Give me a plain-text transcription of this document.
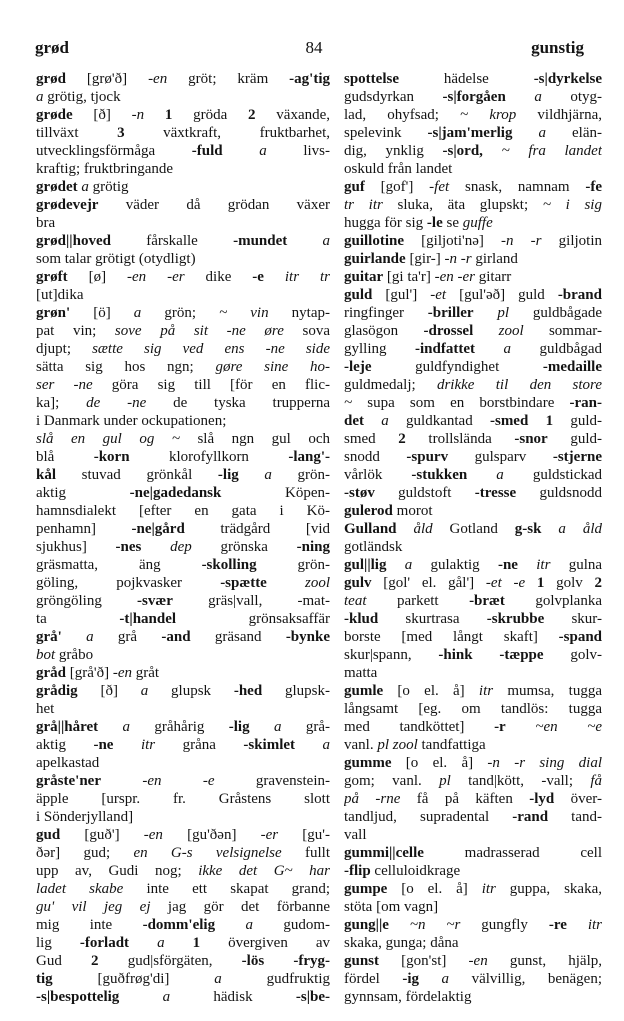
grød	84	gunstig
grød [grø'ð] -en gröt; kräm -ag'tig
a grötig, tjock
grøde [ð] -n 1 gröda 2 växande,
tillväxt 3 växtkraft, fruktbarhet,
utvecklingsförmåga -fuld a livs-
kraftig; fruktbringande
grødet a grötig
grødevejr väder då grödan växer
bra
grød||hoved fårskalle -mundet a
som talar grötigt (otydligt)
grøft [ø] -en -er dike -e itr tr
[ut]dika
grøn' [ö] a grön; ~ vin nytap-
pat vin; sove på sit -ne øre sova
djupt; sætte sig ved ens -ne side
sätta sig hos ngn; gøre sine ho-
ser -ne göra sig till [för en flic-
ka]; de -ne de tyska trupperna
i Danmark under ockupationen;
slå en gul og ~ slå ngn gul och
blå -korn klorofyllkorn -lang'-
kål stuvad grönkål -lig a grön-
aktig -ne|gadedansk Köpen-
hamnsdialekt [efter en gata i Kö-
penhamn] -ne|gård trädgård [vid
sjukhus] -nes dep grönska -ning
gräsmatta, äng -skolling grön-
göling, pojkvasker -spætte	zool
gröngöling -svær gräs|vall, -mat-
ta -t|handel grönsaksaffär
grå' a grå -and gräsand -bynke
bot gråbo
gråd [grå'ð] -en gråt
grådig [ð] a glupsk -hed glupsk-
het
grå||håret a gråhårig -lig a grå-
aktig -ne itr gråna -skimlet a
apelkastad
gråste'ner	-en -e gravenstein-
äpple [urspr. fr. Gråstens slott
i Sönderjylland]
gud [guð'] -en [gu'ðən] -er [gu'-
ðər] gud; en G-s velsignelse fullt
upp av, Gudi nog; ikke det G~ har
ladet skabe inte ett skapat grand;
gu' vil jeg ej jag gör det förbanne
mig inte -domm'elig a gudom-
lig -forladt a 1 övergiven av
Gud 2 gud|sförgäten, -lös -fryg-
tig [guðfrøg'di] a gudfruktig
-s|bespottelig	a hädisk -s|be-
spottelse hädelse -s|dyrkelse
gudsdyrkan -s|forgåen a otyg-
lad, ohyfsad; ~ krop vildhjärna,
spelevink -s|jam'merlig a elän-
dig, ynklig -s|ord, ~ fra landet
oskuld från landet
guf [gof'] -fet snask, namnam -fe
tr itr sluka, äta glupskt; ~ i sig
hugga för sig -le se guffe
guillotine [giljoti'nə] -n -r giljotin
guirlande [gir-] -n -r girland
guitar [gi ta'r] -en -er gitarr
guld [gul'] -et [gul'əð] guld -brand
ringfinger -briller pl guldbågade
glasögon -drossel zool sommar-
gylling -indfattet a guldbågad
-leje guldfyndighet -medaille
guldmedalj; drikke til den store
~ supa som en borstbindare -ran-
det a guldkantad -smed 1 guld-
smed 2 trollslända -snor guld-
snodd -spurv gulsparv -stjerne
vårlök -stukken a guldstickad
-støv guldstoft -tresse guldsnodd
gulerod morot
Gulland åld Gotland g-sk a åld
gotländsk
gul||lig a gulaktig -ne itr gulna
gulv [gol' el. gål'] -et -e 1 golv 2
teat parkett -bræt golvplanka
-klud skurtrasa -skrubbe skur-
borste [med långt skaft] -spand
skur|spann, -hink -tæppe golv-
matta
gumle [o el. å] itr mumsa, tugga
långsamt [eg. om tandlös: tugga
med tandköttet] -r ~en ~e
vanl. pl zool tandfattiga
gumme [o el. å] -n -r sing dial
gom; vanl. pl tand|kött, -vall; få
på -rne få på käften -lyd över-
tandljud, supradental -rand tand-
vall
gummi||celle madrasserad cell
-flip celluloidkrage
gumpe [o el. å] itr guppa, skaka,
stöta [om vagn]
gung||e ~n ~r gungfly -re itr
skaka, gunga; dåna
gunst [gon'st] -en gunst, hjälp,
fördel -ig a välvillig, benägen;
gynnsam, fördelaktig
